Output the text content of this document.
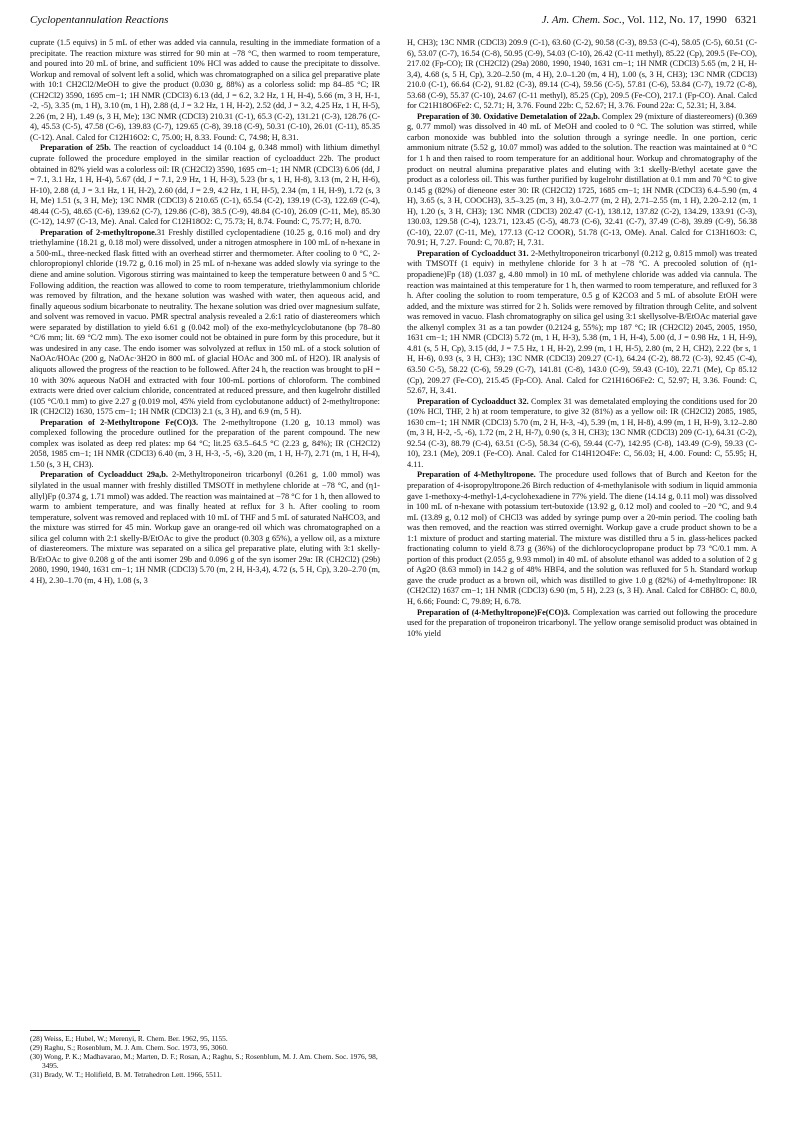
Cyclopentannulation Reactions	J. Am. Chem. Soc., Vol. 112, No. 17, 1990 6321

cuprate (1.5 equivs) in 5 mL of ether was added via cannula, resulting in the immediate formation of a precipitate. The reaction mixture was stirred for 90 min at −78 °C, then warmed to room temperature, and poured into 20 mL of brine, and sufficient 10% HCl was added to cause the precipitate to dissolve. Workup and removal of solvent left a solid, which was chromatographed on a silica gel preparative plate with 10:1 CH2Cl2/MeOH to give the product (0.030 g, 88%) as a colorless solid: mp 84–85 °C; IR (CH2Cl2) 3590, 1695 cm−1; 1H NMR (CDCl3) 6.13 (dd, J = 6.2, 3.2 Hz, 1 H, H-4), 5.66 (m, 3 H, H-1, -2, -5), 3.35 (m, 1 H), 3.10 (m, 1 H), 2.88 (d, J = 3.2 Hz, 1 H, H-2), 2.52 (dd, J = 3.2, 4.25 Hz, 1 H, H-5), 2.26 (m, 2 H), 1.49 (s, 3 H, Me); 13C NMR (CDCl3) 210.31 (C-1), 65.3 (C-2), 131.21 (C-3), 128.76 (C-4), 45.53 (C-5), 47.58 (C-6), 139.83 (C-7), 129.65 (C-8), 39.18 (C-9), 50.31 (C-10), 26.01 (C-11), 85.35 (C-12). Anal. Calcd for C12H16O2: C, 75.00; H, 8.33. Found: C, 74.98; H, 8.31.

Preparation of 25b. The reaction of cycloadduct 14 (0.104 g, 0.348 mmol) with lithium dimethyl cuprate followed the procedure employed in the similar reaction of cycloadduct 22b. The product obtained in 82% yield was a colorless oil: IR (CH2Cl2) 3590, 1695 cm−1; 1H NMR (CDCl3) 6.06 (dd, J = 7.1, 3.1 Hz, 1 H, H-4), 5.67 (dd, J = 7.1, 2.9 Hz, 1 H, H-3), 5.23 (br s, 1 H, H-8), 3.13 (m, 2 H, H-6), H-10), 2.88 (d, J = 3.1 Hz, 1 H, H-2), 2.60 (dd, J = 2.9, 4.2 Hz, 1 H, H-5), 2.34 (m, 1 H, H-9), 1.72 (s, 3 H, Me) 1.51 (s, 3 H, Me); 13C NMR (CDCl3) δ 210.65 (C-1), 65.54 (C-2), 139.19 (C-3), 122.69 (C-4), 48.44 (C-5), 48.65 (C-6), 139.62 (C-7), 129.86 (C-8), 38.5 (C-9), 48.84 (C-10), 26.09 (C-11, Me), 85.30 (C-12), 14.97 (C-13, Me). Anal. Calcd for C12H18O2: C, 75.73; H, 8.74. Found: C, 75.77; H, 8.70.

Preparation of 2-methyltropone.31 Freshly distilled cyclopentadiene (10.25 g, 0.16 mol) and dry triethylamine (18.21 g, 0.18 mol) were dissolved, under a nitrogen atmosphere in 100 mL of n-hexane in a 500-mL, three-necked flask fitted with an overhead stirrer and thermometer. After cooling to 0 °C, 2-chloropropionyl chloride (19.72 g, 0.16 mol) in 25 mL of n-hexane was added slowly via syringe to the diene and amine solution. Vigorous stirring was maintained to keep the temperature between 0 and 5 °C. Following addition, the reaction was allowed to come to room temperature, triethylammonium chloride was removed by filtration, and the hexane solution was washed with water, then aqueous acid, and finally aqueous sodium bicarbonate to neutrality. The hexane solution was dried over magnesium sulfate, and solvent was removed in vacuo. PMR spectral analysis revealed a 2.6:1 ratio of diastereomers which were separated by distillation to yield 6.61 g (0.042 mol) of the exo-methylcyclobutanone (bp 78–80 °C/6 mm; lit. 69 °C/2 mm). The exo isomer could not be obtained in pure form by this procedure, but it was undesired in any case. The endo isomer was solvolyzed at reflux in 150 mL of a stock solution of NaOAc/HOAc (200 g, NaOAc·3H2O in 800 mL of glacial HOAc and 300 mL of H2O). IR analysis of aliquots allowed the progress of the reaction to be followed. After 24 h, the reaction was brought to pH = 10 with 30% aqueous NaOH and extracted with four 100-mL portions of chloroform. The combined extracts were dried over calcium chloride, concentrated at reduced pressure, and then kugelrohr distilled (105 °C/0.1 mm) to give 2.27 g (0.019 mol, 45% yield from cyclobutanone adduct) of 2-methyltropone: IR (CH2Cl2) 1630, 1575 cm−1; 1H NMR (CDCl3) 2.1 (s, 3 H), and 6.9 (m, 5 H).

Preparation of 2-Methyltropone Fe(CO)3. The 2-methyltropone (1.20 g, 10.13 mmol) was complexed following the procedure outlined for the preparation of the parent compound. The new complex was isolated as deep red plates: mp 64 °C; lit.25 63.5–64.5 °C (2.23 g, 84%); IR (CH2Cl2) 2058, 1985 cm−1; 1H NMR (CDCl3) 6.40 (m, 3 H, H-3, -5, -6), 3.20 (m, 1 H, H-7), 2.71 (m, 1 H, H-4), 1.50 (s, 3 H, CH3).

Preparation of Cycloadduct 29a,b. 2-Methyltroponeiron tricarbonyl (0.261 g, 1.00 mmol) was silylated in the usual manner with freshly distilled TMSOTf in methylene chloride at −78 °C, and (η1-allyl)Fp (0.374 g, 1.71 mmol) was added. The reaction was maintained at −78 °C for 1 h, then allowed to warm to ambient temperature, and was finally heated at reflux for 3 h. After cooling to room temperature, solvent was removed and replaced with 10 mL of THF and 5 mL of saturated NaHCO3, and the mixture was stirred for 45 min. Workup gave an orange-red oil which was chromatographed on a silica gel column with 2:1 skelly-B/EtOAc to give the product (0.303 g 65%), a yellow oil, as a mixture of diastereomers. The mixture was separated on a silica gel preparative plate, eluting with 3:1 skelly-B/EtOAc to give 0.208 g of the anti isomer 29b and 0.096 g of the syn isomer 29a: IR (CH2Cl2) (29b) 2080, 1990, 1940, 1631 cm−1; 1H NMR (CDCl3) 5.70 (m, 2 H, H-3,4), 4.72 (s, 5 H, Cp), 3.20–2.70 (m, 4 H), 2.30–1.70 (m, 4 H), 1.08 (s, 3

(28) Weiss, E.; Hubel, W.; Merenyi, R. Chem. Ber. 1962, 95, 1155.
(29) Raghu, S.; Rosenblum, M. J. Am. Chem. Soc. 1973, 95, 3060.
(30) Wong, P. K.; Madhavarao, M.; Marten, D. F.; Rosan, A.; Raghu, S.; Rosenblum, M. J. Am. Chem. Soc. 1976, 98, 3495.
(31) Brady, W. T.; Holifield, B. M. Tetrahedron Lett. 1966, 5511.

H, CH3); 13C NMR (CDCl3) 209.9 (C-1), 63.60 (C-2), 90.58 (C-3), 89.53 (C-4), 58.05 (C-5), 60.51 (C-6), 53.07 (C-7), 16.54 (C-8), 50.95 (C-9), 54.03 (C-10), 26.42 (C-11 methyl), 85.22 (Cp), 209.5 (Fe-CO), 217.02 (Fp-CO); IR (CH2Cl2) (29a) 2080, 1990, 1940, 1631 cm−1; 1H NMR (CDCl3) 5.65 (m, 2 H, H-3,4), 4.68 (s, 5 H, Cp), 3.20–2.50 (m, 4 H), 2.0–1.20 (m, 4 H), 1.00 (s, 3 H, CH3); 13C NMR (CDCl3) 210.0 (C-1), 66.64 (C-2), 91.82 (C-3), 89.14 (C-4), 59.56 (C-5), 57.81 (C-6), 53.84 (C-7), 19.72 (C-8), 53.68 (C-9), 55.37 (C-10), 24.67 (C-11 methyl), 85.25 (Cp), 209.5 (Fe-CO), 217.1 (Fp-CO). Anal. Calcd for C21H18O6Fe2: C, 52.71; H, 3.76. Found 22b: C, 52.67; H, 3.76. Found 22a: C, 52.31; H, 3.84.

Preparation of 30. Oxidative Demetalation of 22a,b. Complex 29 (mixture of diastereomers) (0.369 g, 0.77 mmol) was dissolved in 40 mL of MeOH and cooled to 0 °C. The solution was stirred, while carbon monoxide was bubbled into the solution through a syringe needle. In one portion, ceric ammonium nitrate (5.52 g, 10.07 mmol) was added to the solution. The reaction was maintained at 0 °C for 1 h and then raised to room temperature for an additional hour. Workup and chromatography of the product on neutral alumina preparative plates and eluting with 3:1 skelly-B/ethyl acetate gave the product as a colorless oil. This was further purified by kugelrohr distillation at 0.1 mm and 70 °C to give 0.145 g (82%) of dieneone ester 30: IR (CH2Cl2) 1725, 1685 cm−1; 1H NMR (CDCl3) 6.4–5.90 (m, 4 H), 3.65 (s, 3 H, COOCH3), 3.5–3.25 (m, 3 H), 3.0–2.77 (m, 2 H), 2.71–2.55 (m, 1 H), 2.20–2.12 (m, 1 H), 1.20 (s, 3 H, CH3); 13C NMR (CDCl3) 202.47 (C-1), 138.12, 137.82 (C-2), 134.29, 133.91 (C-3), 130.03, 129.58 (C-4), 123.71, 123.45 (C-5), 48.73 (C-6), 32.41 (C-7), 37.49 (C-8), 39.89 (C-9), 56.38 (C-10), 22.07 (C-11, Me), 177.13 (C-12 COOR), 51.78 (C-13, OMe). Anal. Calcd for C13H16O3: C, 70.91; H, 7.27. Found: C, 70.87; H, 7.31.

Preparation of Cycloadduct 31. 2-Methyltroponeiron tricarbonyl (0.212 g, 0.815 mmol) was treated with TMSOTf (1 equiv) in methylene chloride for 3 h at −78 °C. A precooled solution of (η1-propadiene)Fp (18) (1.037 g, 4.80 mmol) in 10 mL of methylene chloride was added via cannula. The reaction was maintained at this temperature for 1 h, then warmed to room temperature, and refluxed for 3 h. After cooling the solution to room temperature, 0.5 g of K2CO3 and 5 mL of absolute EtOH were added, and the mixture was stirred for 2 h. Solids were removed by filtration through Celite, and solvent was removed in vacuo. Flash chromatography on silica gel using 3:1 skellysolve-B/EtOAc material gave the alkenyl complex 31 as a tan powder (0.2124 g, 55%); mp 187 °C; IR (CH2Cl2) 2045, 2005, 1950, 1631 cm−1; 1H NMR (CDCl3) 5.72 (m, 1 H, H-3), 5.38 (m, 1 H, H-4), 5.00 (d, J = 0.98 Hz, 1 H, H-9), 4.81 (s, 5 H, Cp), 3.15 (dd, J = 7.5 Hz, 1 H, H-2), 2.99 (m, 1 H, H-5), 2.80 (m, 2 H, CH2), 2.22 (br s, 1 H, H-6), 0.93 (s, 3 H, CH3); 13C NMR (CDCl3) 209.27 (C-1), 64.24 (C-2), 88.72 (C-3), 92.45 (C-4), 63.50 C-5), 58.22 (C-6), 59.29 (C-7), 141.81 (C-8), 143.0 (C-9), 59.43 (C-10), 22.71 (Me), Cp 85.12 (Cp), 209.27 (Fe-CO), 215.45 (Fp-CO). Anal. Calcd for C21H16O6Fe2: C, 52.97; H, 3.36. Found: C, 52.67, H, 3.41.

Preparation of Cycloadduct 32. Complex 31 was demetalated employing the conditions used for 20 (10% HCl, THF, 2 h) at room temperature, to give 32 (81%) as a yellow oil: IR (CH2Cl2) 2085, 1985, 1630 cm−1; 1H NMR (CDCl3) 5.70 (m, 2 H, H-3, -4), 5.39 (m, 1 H, H-8), 4.99 (m, 1 H, H-9), 3.12–2.80 (m, 3 H, H-2, -5, -6), 1.72 (m, 2 H, H-7), 0.90 (s, 3 H, CH3); 13C NMR (CDCl3) 209 (C-1), 64.31 (C-2), 92.54 (C-3), 88.79 (C-4), 63.51 (C-5), 58.34 (C-6), 59.44 (C-7), 142.95 (C-8), 143.49 (C-9), 59.33 (C-10), 23.1 (Me), 209.1 (Fe-CO). Anal. Calcd for C14H12O4Fe: C, 56.03; H, 4.00. Found: C, 55.95; H, 4.11.

Preparation of 4-Methyltropone. The procedure used follows that of Burch and Keeton for the preparation of 4-isopropyltropone.26 Birch reduction of 4-methylanisole with sodium in liquid ammonia gave 1-methoxy-4-methyl-1,4-cyclohexadiene in 77% yield. The diene (14.14 g, 0.11 mol) was dissolved in 100 mL of n-hexane with potassium tert-butoxide (13.92 g, 0.12 mol) and cooled to −20 °C, and 9.4 mL (13.89 g, 0.12 mol) of CHCl3 was added by syringe pump over a 20-min period. The cooling bath was then removed, and the reaction was stirred overnight. Workup gave a crude product shown to be a 1:1 mixture of product and starting material. The mixture was distilled thru a 5 in. glass-helices packed fractionating column to yield 8.73 g (36%) of the dichlorocyclopropane product bp 73 °C/0.1 mm. A portion of this product (2.055 g, 9.93 mmol) in 40 mL of absolute ethanol was added to a solution of 2 g of Ag2O (8.63 mmol) in 14.2 g of 48% HBF4, and the solution was refluxed for 5 h. Standard workup gave the crude product as a brown oil, which was distilled to give 1.0 g (82%) of 4-methyltropone: IR (CH2Cl2) 1637 cm−1; 1H NMR (CDCl3) 6.90 (m, 5 H), 2.23 (s, 3 H). Anal. Calcd for C8H8O: C, 80.0, H, 6.66; Found: C, 79.89; H, 6.78.

Preparation of (4-Methyltropone)Fe(CO)3. Complexation was carried out following the procedure used for the preparation of troponeiron tricarbonyl. The yellow orange semisolid product was obtained in 10% yield
